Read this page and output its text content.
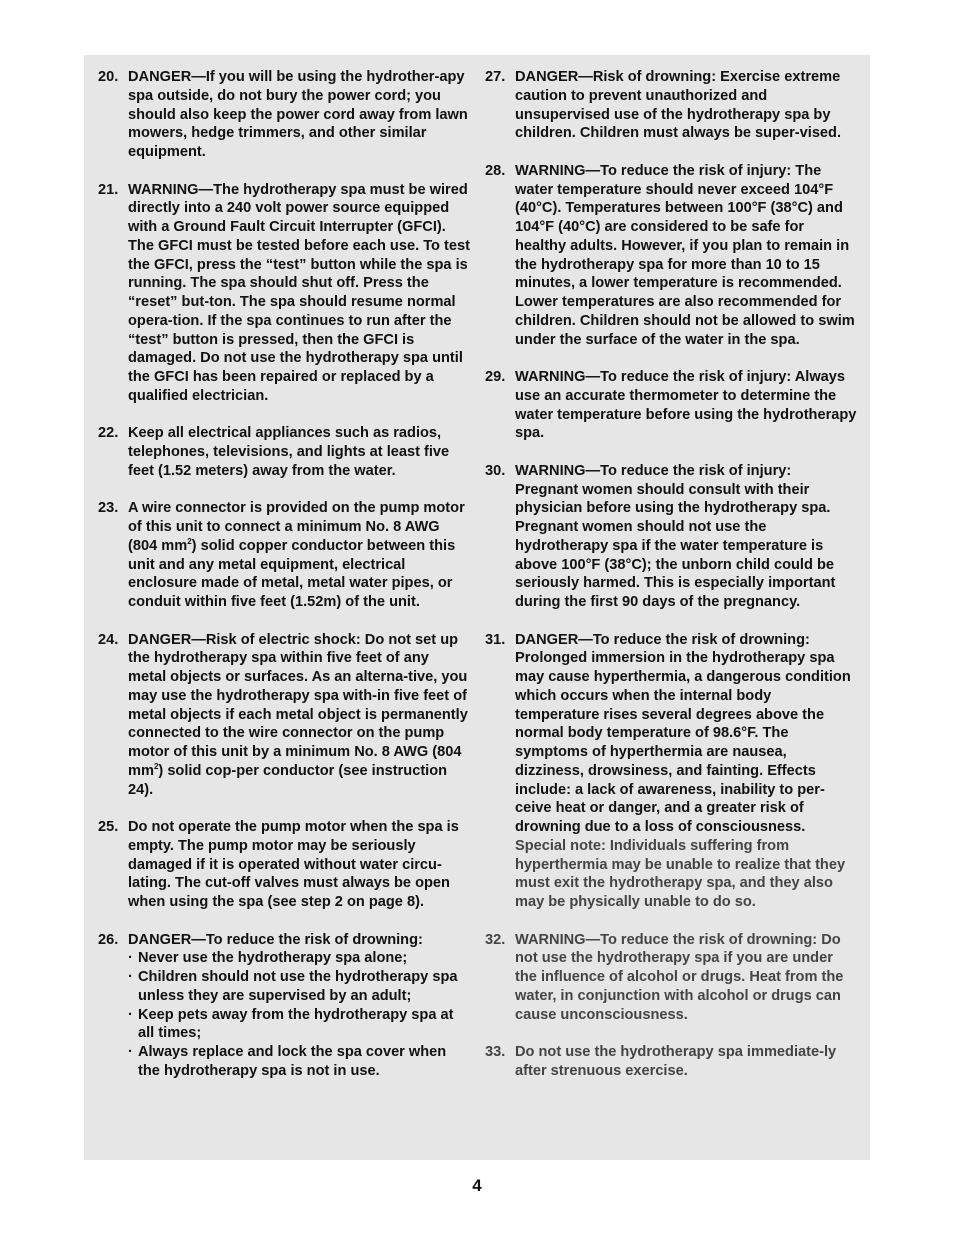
20. DANGER—If you will be using the hydrother-apy spa outside, do not bury the power cord; you should also keep the power cord away from lawn mowers, hedge trimmers, and other similar equipment.

21. WARNING—The hydrotherapy spa must be wired directly into a 240 volt power source equipped with a Ground Fault Circuit Interrupter (GFCI). The GFCI must be tested before each use. To test the GFCI, press the “test” button while the spa is running. The spa should shut off. Press the “reset” but-ton. The spa should resume normal opera-tion. If the spa continues to run after the “test” button is pressed, then the GFCI is damaged. Do not use the hydrotherapy spa until the GFCI has been repaired or replaced by a qualified electrician.

22. Keep all electrical appliances such as radios, telephones, televisions, and lights at least five feet (1.52 meters) away from the water.

23. A wire connector is provided on the pump motor of this unit to connect a minimum No. 8 AWG (804 $mm^2$) solid copper conductor between this unit and any metal equipment, electrical enclosure made of metal, metal water pipes, or conduit within five feet (1.52m) of the unit.

24. DANGER—Risk of electric shock: Do not set up the hydrotherapy spa within five feet of any metal objects or surfaces. As an alterna-tive, you may use the hydrotherapy spa with-in five feet of metal objects if each metal object is permanently connected to the wire connector on the pump motor of this unit by a minimum No. 8 AWG (804 $mm^2$) solid cop-per conductor (see instruction 24).

25. Do not operate the pump motor when the spa is empty. The pump motor may be seriously damaged if it is operated without water circu-lating. The cut-off valves must always be open when using the spa (see step 2 on page 8).

26. DANGER—To reduce the risk of drowning:

· Never use the hydrotherapy spa alone;
· Children should not use the hydrotherapy spa unless they are supervised by an adult;
· Keep pets away from the hydrotherapy spa at all times;
· Always replace and lock the spa cover when the hydrotherapy spa is not in use.
27. DANGER—Risk of drowning: Exercise extreme caution to prevent unauthorized and unsupervised use of the hydrotherapy spa by children. Children must always be super-vised.

28. WARNING—To reduce the risk of injury: The water temperature should never exceed 104°F (40°C). Temperatures between 100°F (38°C) and 104°F (40°C) are considered to be safe for healthy adults. However, if you plan to remain in the hydrotherapy spa for more than 10 to 15 minutes, a lower temperature is recommended. Lower temperatures are also recommended for children. Children should not be allowed to swim under the surface of the water in the spa.

29. WARNING—To reduce the risk of injury: Always use an accurate thermometer to determine the water temperature before using the hydrotherapy spa.

30. WARNING—To reduce the risk of injury: Pregnant women should consult with their physician before using the hydrotherapy spa. Pregnant women should not use the hydrotherapy spa if the water temperature is above 100°F (38°C); the unborn child could be seriously harmed. This is especially important during the first 90 days of the pregnancy.

31. DANGER—To reduce the risk of drowning: Prolonged immersion in the hydrotherapy spa may cause hyperthermia, a dangerous condition which occurs when the internal body temperature rises several degrees above the normal body temperature of 98.6°F. The symptoms of hyperthermia are nausea, dizziness, drowsiness, and fainting. Effects include: a lack of awareness, inability to per-ceive heat or danger, and a greater risk of drowning due to a loss of consciousness.

Special note: Individuals suffering from hyperthermia may be unable to realize that they must exit the hydrotherapy spa, and they also may be physically unable to do so.

32. WARNING—To reduce the risk of drowning: Do not use the hydrotherapy spa if you are under the influence of alcohol or drugs. Heat from the water, in conjunction with alcohol or drugs can cause unconsciousness.

33. Do not use the hydrotherapy spa immediate-ly after strenuous exercise.

4
